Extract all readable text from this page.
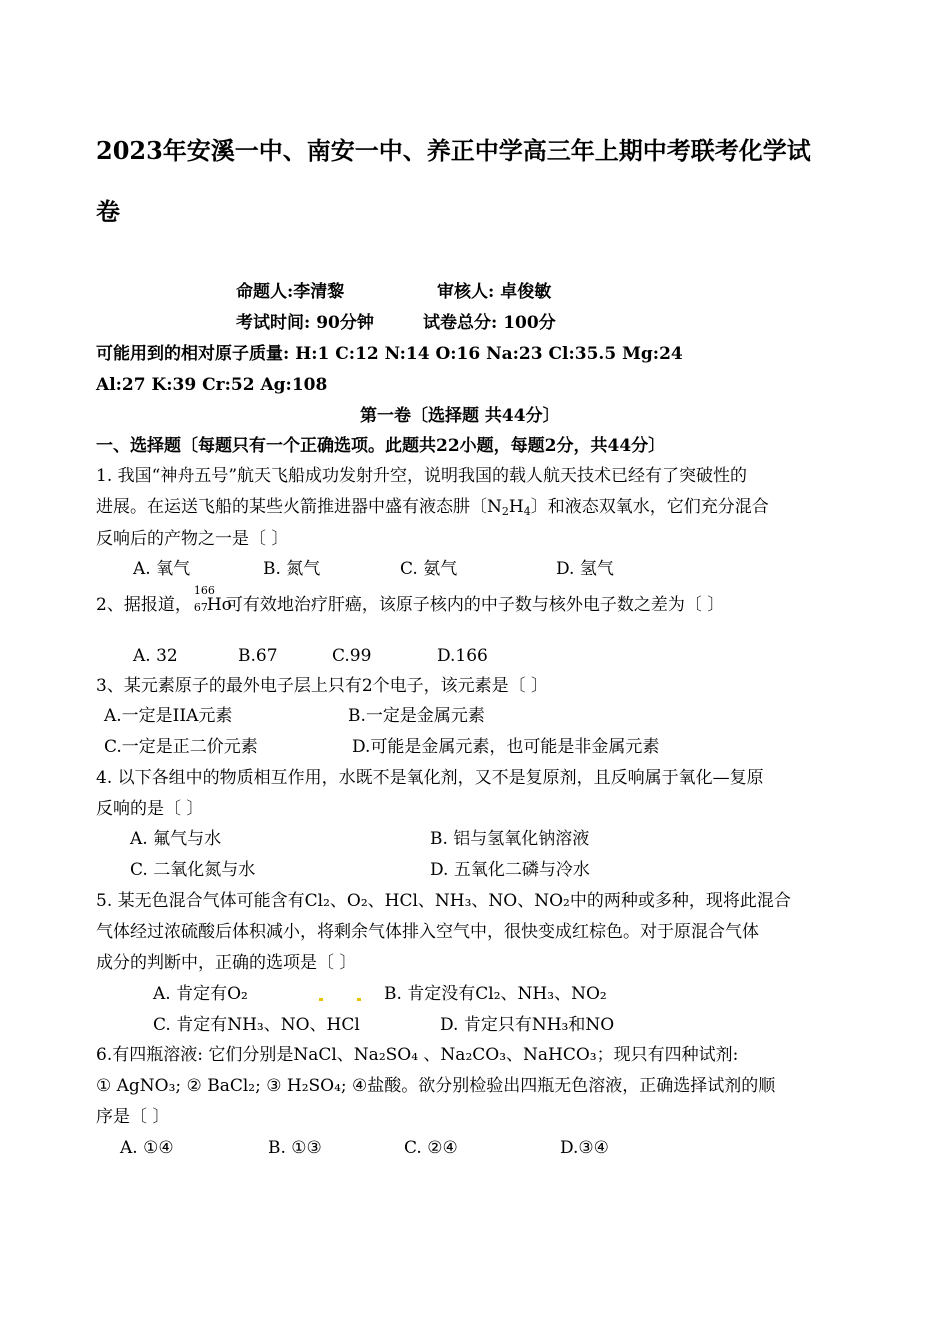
2023年安溪一中、南安一中、养正中学高三年上期中考联考化学试
卷
命题人:李清黎	审核人: 卓俊敏
考试时间: 90分钟	试卷总分: 100分
可能用到的相对原子质量: H:1 C:12 N:14 O:16 Na:23 Cl:35.5 Mg:24
Al:27 K:39 Cr:52 Ag:108
第一卷〔选择题 共44分〕
一、选择题〔每题只有一个正确选项。此题共22小题，每题2分，共44分〕
1. 我国“神舟五号”航天飞船成功发射升空，说明我国的载人航天技术已经有了突破性的
进展。在运送飞船的某些火箭推进器中盛有液态肼〔$N_2H_4$〕和液态双氧水，它们充分混合
反响后的产物之一是〔 〕
A. 氧气	B. 氮气	C. 氨气	D. 氢气
2、据报道，
166
67 Ho
可有效地治疗肝癌，该原子核内的中子数与核外电子数之差为〔 〕
A. 32	B.67	C.99	D.166
3、某元素原子的最外电子层上只有2个电子，该元素是〔 〕
A.一定是IIA元素	B.一定是金属元素
C.一定是正二价元素	D.可能是金属元素，也可能是非金属元素
4. 以下各组中的物质相互作用，水既不是氧化剂，又不是复原剂，且反响属于氧化—复原
反响的是〔 〕
A. 氟气与水	B. 铝与氢氧化钠溶液
C. 二氧化氮与水	D. 五氧化二磷与冷水
5. 某无色混合气体可能含有Cl₂、O₂、HCl、NH₃、NO、NO₂中的两种或多种，现将此混合
气体经过浓硫酸后体积减小，将剩余气体排入空气中，很快变成红棕色。对于原混合气体
成分的判断中，正确的选项是〔 〕
A. 肯定有O₂	B. 肯定没有Cl₂、NH₃、NO₂
C. 肯定有NH₃、NO、HCl	D. 肯定只有NH₃和NO
6.有四瓶溶液: 它们分别是NaCl、Na₂SO₄ 、Na₂CO₃、NaHCO₃；现只有四种试剂:
① AgNO₃; ② BaCl₂; ③ H₂SO₄; ④盐酸。欲分别检验出四瓶无色溶液，正确选择试剂的顺
序是〔 〕
A. ①④	B. ①③	C. ②④	D.③④
